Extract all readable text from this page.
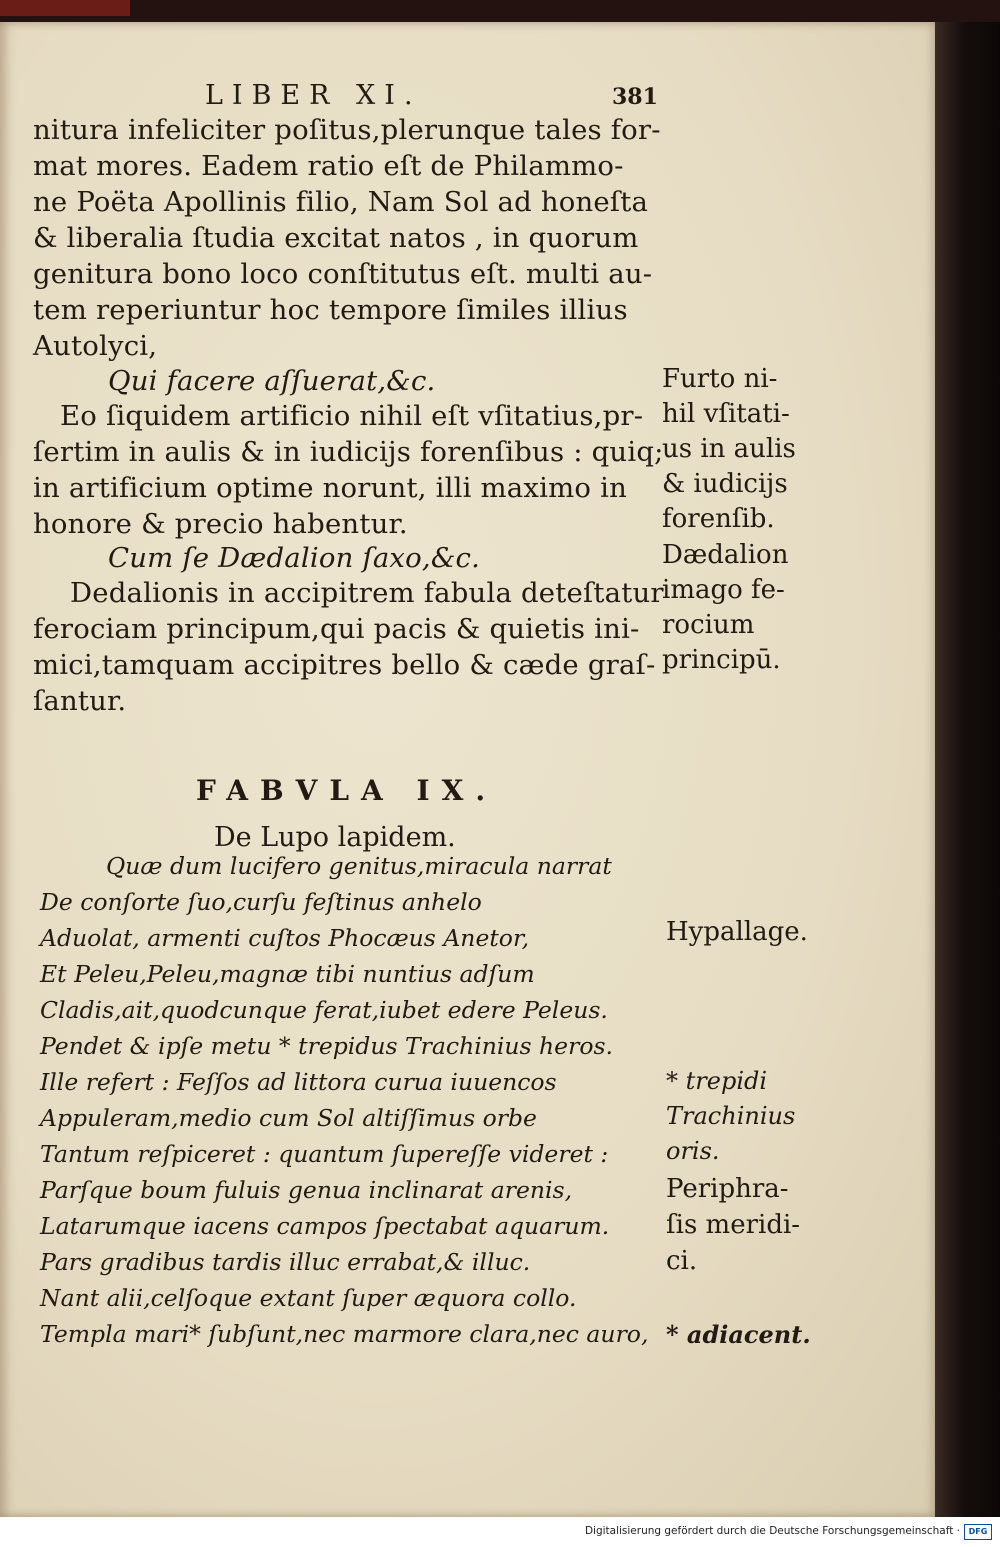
LIBER XI.	381
nitura infeliciter poſitus,plerunque tales for-
mat mores. Eadem ratio eſt de Philammo-
ne Poëta Apollinis filio, Nam Sol ad honeſta
& liberalia ſtudia excitat natos , in quorum
genitura bono loco conſtitutus eſt. multi au-
tem reperiuntur hoc tempore ſimiles illius
Autolyci,
Qui facere aſſuerat,&c.
Eo ſiquidem artificio nihil eſt vſitatius,pr-
ſertim in aulis & in iudicijs forenſibus : quiq;
in artificium optime norunt, illi maximo in
honore & precio habentur.
Cum ſe Dædalion ſaxo,&c.
Dedalionis in accipitrem fabula deteſtatur
ferociam principum,qui pacis & quietis ini-
mici,tamquam accipitres bello & cæde graſ-
ſantur.
Furto ni-
hil vſitati-
us in aulis
& iudicijs
forenſib.
Dædalion
imago fe-
rocium
principū.
FABVLA IX.
De Lupo lapidem.
Quæ dum lucifero genitus,miracula narrat
De conſorte ſuo,curſu feſtinus anhelo
Aduolat, armenti cuſtos Phocæus Anetor,
Et Peleu,Peleu,magnæ tibi nuntius adſum
Cladis,ait,quodcunque ferat,iubet edere Peleus.
Pendet & ipſe metu * trepidus Trachinius heros.
Ille refert : Feſſos ad littora curua iuuencos
Appuleram,medio cum Sol altiſſimus orbe
Tantum reſpiceret : quantum ſupereſſe videret :
Parſque boum fuluis genua inclinarat arenis,
Latarumque iacens campos ſpectabat aquarum.
Pars gradibus tardis illuc errabat,& illuc.
Nant alii,celſoque extant ſuper æquora collo.
Templa mari* ſubſunt,nec marmore clara,nec auro,
Hypallage.
* trepidi
Trachinius
oris.
Periphra-
ſis meridi-
ci.
* adiacent.
Digitalisierung gefördert durch die Deutsche Forschungsgemeinschaft ·	DFG
